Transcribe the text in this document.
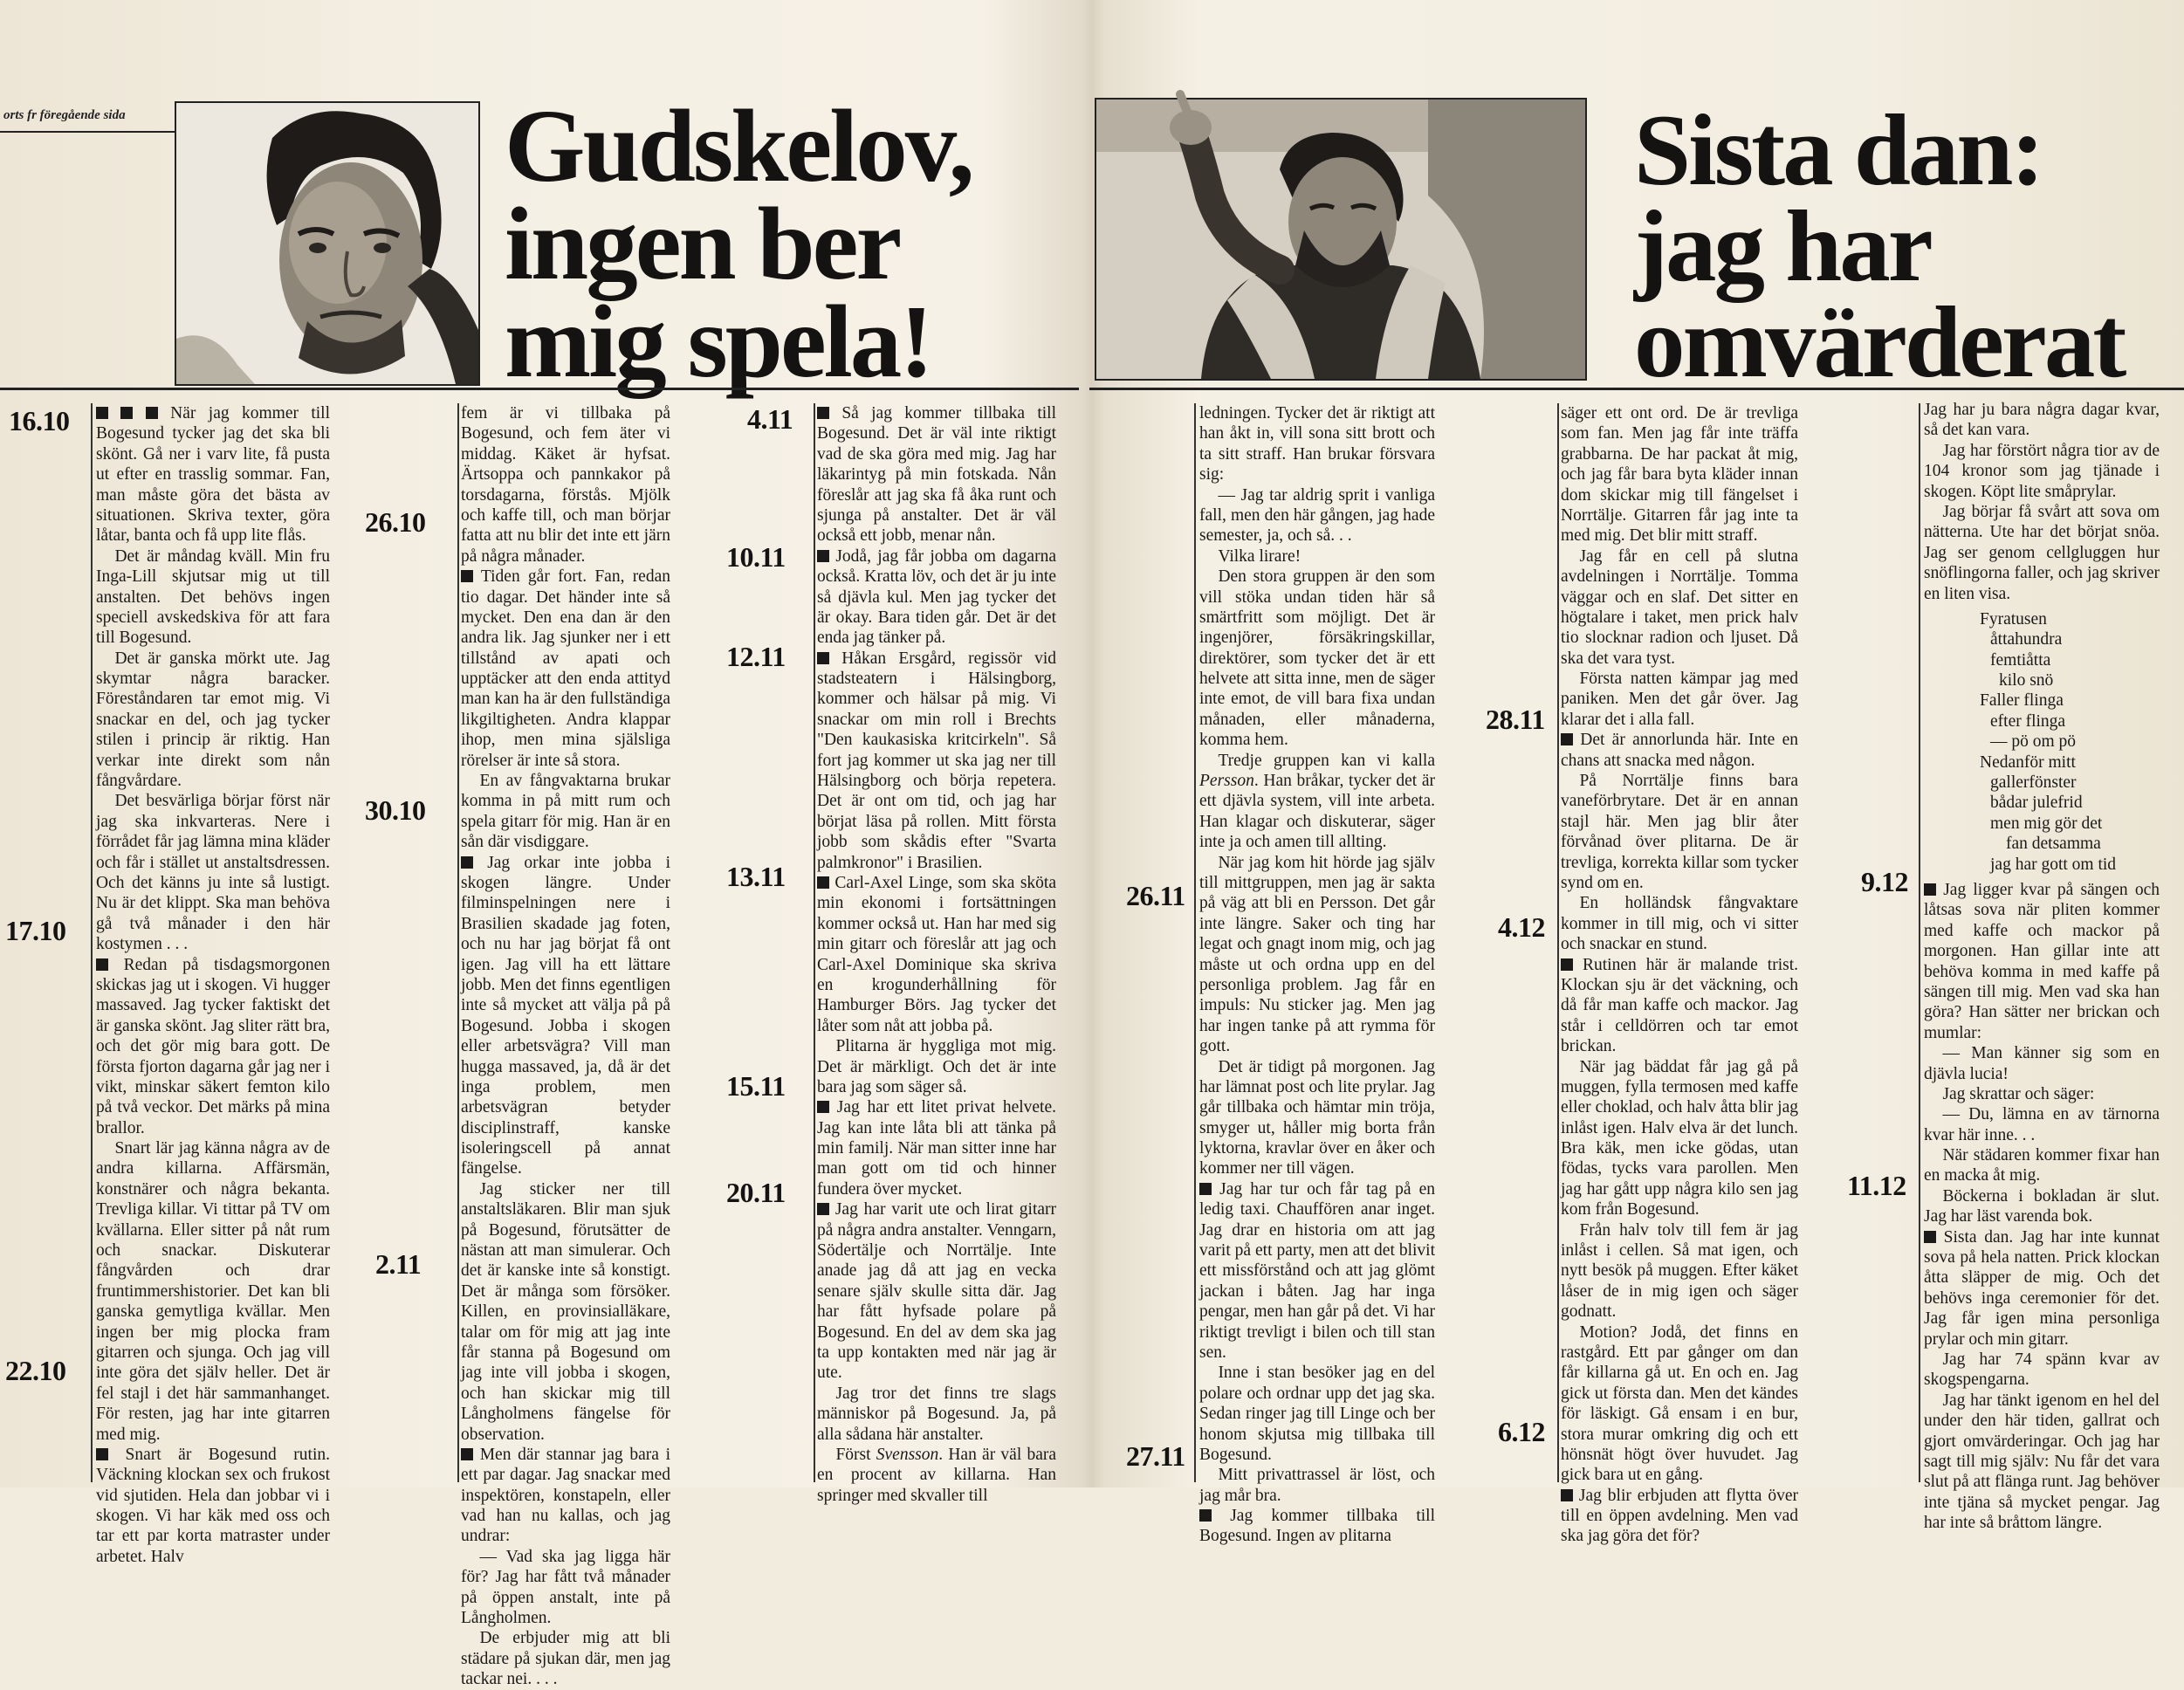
orts fr föregående sida	Gudskelov,
ingen ber
mig spela!
16.10
17.10
22.10
26.10
30.10
2.11
4.11
10.11
12.11
13.11
15.11
20.11

När jag kommer till Bogesund tycker jag det ska bli skönt. Gå ner i varv lite, få pusta ut efter en trasslig sommar. Fan, man måste göra det bästa av situationen. Skriva texter, göra låtar, banta och få upp lite flås.

Det är måndag kväll. Min fru Inga-Lill skjutsar mig ut till anstalten. Det behövs ingen speciell avskedskiva för att fara till Bogesund.

Det är ganska mörkt ute. Jag skymtar några baracker. Föreståndaren tar emot mig. Vi snackar en del, och jag tycker stilen i princip är riktig. Han verkar inte direkt som nån fångvårdare.

Det besvärliga börjar först när jag ska inkvarteras. Nere i förrådet får jag lämna mina kläder och får i stället ut anstaltsdressen. Och det känns ju inte så lustigt. Nu är det klippt. Ska man behöva gå två månader i den här kostymen . . .

Redan på tisdagsmorgonen skickas jag ut i skogen. Vi hugger massaved. Jag tycker faktiskt det är ganska skönt. Jag sliter rätt bra, och det gör mig bara gott. De första fjorton dagarna går jag ner i vikt, minskar säkert femton kilo på två veckor. Det märks på mina brallor.

Snart lär jag känna några av de andra killarna. Affärsmän, konstnärer och några bekanta. Trevliga killar. Vi tittar på TV om kvällarna. Eller sitter på nåt rum och snackar. Diskuterar fångvården och drar fruntimmershistorier. Det kan bli ganska gemytliga kvällar. Men ingen ber mig plocka fram gitarren och sjunga. Och jag vill inte göra det själv heller. Det är fel stajl i det här sammanhanget. För resten, jag har inte gitarren med mig.

Snart är Bogesund rutin. Väckning klockan sex och frukost vid sjutiden. Hela dan jobbar vi i skogen. Vi har käk med oss och tar ett par korta matraster under arbetet. Halv

fem är vi tillbaka på Bogesund, och fem äter vi middag. Käket är hyfsat. Ärtsoppa och pannkakor på torsdagarna, förstås. Mjölk och kaffe till, och man börjar fatta att nu blir det inte ett järn på några månader.

Tiden går fort. Fan, redan tio dagar. Det händer inte så mycket. Den ena dan är den andra lik. Jag sjunker ner i ett tillstånd av apati och upptäcker att den enda attityd man kan ha är den fullständiga likgiltigheten. Andra klappar ihop, men mina själsliga rörelser är inte så stora.

En av fångvaktarna brukar komma in på mitt rum och spela gitarr för mig. Han är en sån där visdiggare.

Jag orkar inte jobba i skogen längre. Under filminspelningen nere i Brasilien skadade jag foten, och nu har jag börjat få ont igen. Jag vill ha ett lättare jobb. Men det finns egentligen inte så mycket att välja på på Bogesund. Jobba i skogen eller arbetsvägra? Vill man hugga massaved, ja, då är det inga problem, men arbetsvägran betyder disciplinstraff, kanske isoleringscell på annat fängelse.

Jag sticker ner till anstaltsläkaren. Blir man sjuk på Bogesund, förutsätter de nästan att man simulerar. Och det är kanske inte så konstigt. Det är många som försöker. Killen, en provinsialläkare, talar om för mig att jag inte får stanna på Bogesund om jag inte vill jobba i skogen, och han skickar mig till Långholmens fängelse för observation.

Men där stannar jag bara i ett par dagar. Jag snackar med inspektören, konstapeln, eller vad han nu kallas, och jag undrar:

— Vad ska jag ligga här för? Jag har fått två månader på öppen anstalt, inte på Långholmen.

De erbjuder mig att bli städare på sjukan där, men jag tackar nei. . . .

Så jag kommer tillbaka till Bogesund. Det är väl inte riktigt vad de ska göra med mig. Jag har läkarintyg på min fotskada. Nån föreslår att jag ska få åka runt och sjunga på anstalter. Det är väl också ett jobb, menar nån.

Jodå, jag får jobba om dagarna också. Kratta löv, och det är ju inte så djävla kul. Men jag tycker det är okay. Bara tiden går. Det är det enda jag tänker på.

Håkan Ersgård, regissör vid stadsteatern i Hälsingborg, kommer och hälsar på mig. Vi snackar om min roll i Brechts "Den kaukasiska kritcirkeln". Så fort jag kommer ut ska jag ner till Hälsingborg och börja repetera. Det är ont om tid, och jag har börjat läsa på rollen. Mitt första jobb som skådis efter "Svarta palmkronor" i Brasilien.

Carl-Axel Linge, som ska sköta min ekonomi i fortsättningen kommer också ut. Han har med sig min gitarr och föreslår att jag och Carl-Axel Dominique ska skriva en krogunderhållning för Hamburger Börs. Jag tycker det låter som nåt att jobba på.

Plitarna är hyggliga mot mig. Det är märkligt. Och det är inte bara jag som säger så.

Jag har ett litet privat helvete. Jag kan inte låta bli att tänka på min familj. När man sitter inne har man gott om tid och hinner fundera över mycket.

Jag har varit ute och lirat gitarr på några andra anstalter. Venngarn, Södertälje och Norrtälje. Inte anade jag då att jag en vecka senare själv skulle sitta där. Jag har fått hyfsade polare på Bogesund. En del av dem ska jag ta upp kontakten med när jag är ute.

Jag tror det finns tre slags människor på Bogesund. Ja, på alla sådana här anstalter.

Först Svensson. Han är väl bara en procent av killarna. Han springer med skvaller till

Sista dan:
jag har
omvärderat
26.11
27.11
28.11
4.12
6.12
9.12
11.12

ledningen. Tycker det är riktigt att han åkt in, vill sona sitt brott och ta sitt straff. Han brukar försvara sig:

— Jag tar aldrig sprit i vanliga fall, men den här gången, jag hade semester, ja, och så. . .

Vilka lirare!

Den stora gruppen är den som vill stöka undan tiden här så smärtfritt som möjligt. Det är ingenjörer, försäkringskillar, direktörer, som tycker det är ett helvete att sitta inne, men de säger inte emot, de vill bara fixa undan månaden, eller månaderna, komma hem.

Tredje gruppen kan vi kalla Persson. Han bråkar, tycker det är ett djävla system, vill inte arbeta. Han klagar och diskuterar, säger inte ja och amen till allting.

När jag kom hit hörde jag själv till mittgruppen, men jag är sakta på väg att bli en Persson. Det går inte längre. Saker och ting har legat och gnagt inom mig, och jag måste ut och ordna upp en del personliga problem. Jag får en impuls: Nu sticker jag. Men jag har ingen tanke på att rymma för gott.

Det är tidigt på morgonen. Jag har lämnat post och lite prylar. Jag går tillbaka och hämtar min tröja, smyger ut, håller mig borta från lyktorna, kravlar över en åker och kommer ner till vägen.

Jag har tur och får tag på en ledig taxi. Chauffören anar inget. Jag drar en historia om att jag varit på ett party, men att det blivit ett missförstånd och att jag glömt jackan i båten. Jag har inga pengar, men han går på det. Vi har riktigt trevligt i bilen och till stan sen.

Inne i stan besöker jag en del polare och ordnar upp det jag ska. Sedan ringer jag till Linge och ber honom skjutsa mig tillbaka till Bogesund.

Mitt privattrassel är löst, och jag mår bra.

Jag kommer tillbaka till Bogesund. Ingen av plitarna

säger ett ont ord. De är trevliga som fan. Men jag får inte träffa grabbarna. De har packat åt mig, och jag får bara byta kläder innan dom skickar mig till fängelset i Norrtälje. Gitarren får jag inte ta med mig. Det blir mitt straff.

Jag får en cell på slutna avdelningen i Norrtälje. Tomma väggar och en slaf. Det sitter en högtalare i taket, men prick halv tio slocknar radion och ljuset. Då ska det vara tyst.

Första natten kämpar jag med paniken. Men det går över. Jag klarar det i alla fall.

Det är annorlunda här. Inte en chans att snacka med någon.

På Norrtälje finns bara vaneförbrytare. Det är en annan stajl här. Men jag blir åter förvånad över plitarna. De är trevliga, korrekta killar som tycker synd om en.

En holländsk fångvaktare kommer in till mig, och vi sitter och snackar en stund.

Rutinen här är malande trist. Klockan sju är det väckning, och då får man kaffe och mackor. Jag står i celldörren och tar emot brickan.

När jag bäddat får jag gå på muggen, fylla termosen med kaffe eller choklad, och halv åtta blir jag inlåst igen. Halv elva är det lunch. Bra käk, men icke gödas, utan födas, tycks vara parollen. Men jag har gått upp några kilo sen jag kom från Bogesund.

Från halv tolv till fem är jag inlåst i cellen. Så mat igen, och nytt besök på muggen. Efter käket låser de in mig igen och säger godnatt.

Motion? Jodå, det finns en rastgård. Ett par gånger om dan får killarna gå ut. En och en. Jag gick ut första dan. Men det kändes för läskigt. Gå ensam i en bur, stora murar omkring dig och ett hönsnät högt över huvudet. Jag gick bara ut en gång.

Jag blir erbjuden att flytta över till en öppen avdelning. Men vad ska jag göra det för?

Jag har ju bara några dagar kvar, så det kan vara.

Jag har förstört några tior av de 104 kronor som jag tjänade i skogen. Köpt lite småprylar.

Jag börjar få svårt att sova om nätterna. Ute har det börjat snöa. Jag ser genom cellgluggen hur snöflingorna faller, och jag skriver en liten visa.

Fyratusen
åttahundra
femtiåtta
kilo snö
Faller flinga
efter flinga
— pö om pö
Nedanför mitt
gallerfönster
bådar julefrid
men mig gör det
fan detsamma
jag har gott om tid

Jag ligger kvar på sängen och låtsas sova när pliten kommer med kaffe och mackor på morgonen. Han gillar inte att behöva komma in med kaffe på sängen till mig. Men vad ska han göra? Han sätter ner brickan och mumlar:

— Man känner sig som en djävla lucia!

Jag skrattar och säger:

— Du, lämna en av tärnorna kvar här inne. . .

När städaren kommer fixar han en macka åt mig.

Böckerna i bokladan är slut. Jag har läst varenda bok.

Sista dan. Jag har inte kunnat sova på hela natten. Prick klockan åtta släpper de mig. Och det behövs inga ceremonier för det. Jag får igen mina personliga prylar och min gitarr.

Jag har 74 spänn kvar av skogspengarna.

Jag har tänkt igenom en hel del under den här tiden, gallrat och gjort omvärderingar. Och jag har sagt till mig själv: Nu får det vara slut på att flänga runt. Jag behöver inte tjäna så mycket pengar. Jag har inte så bråttom längre.
